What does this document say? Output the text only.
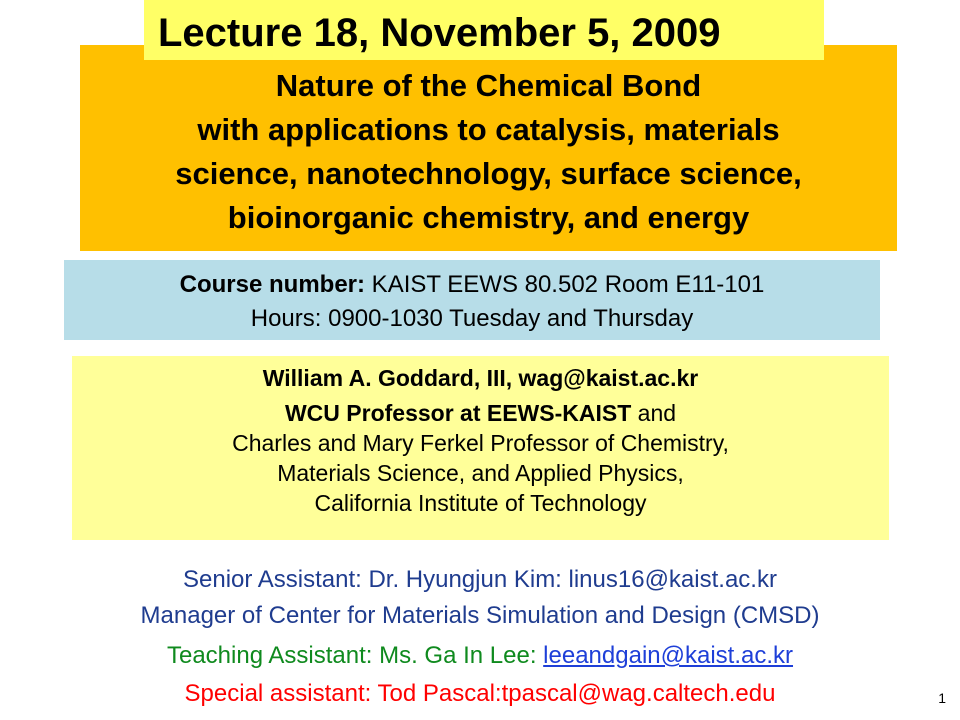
Nature of the Chemical Bond
with applications to catalysis, materials
science, nanotechnology, surface science,
bioinorganic chemistry, and energy
Lecture 18, November 5, 2009
Course number: KAIST EEWS 80.502 Room E11-101
Hours: 0900-1030 Tuesday and Thursday
William A. Goddard, III, wag@kaist.ac.kr
WCU Professor at EEWS-KAIST and
Charles and Mary Ferkel Professor of Chemistry,
Materials Science, and Applied Physics,
California Institute of Technology
Senior Assistant: Dr. Hyungjun Kim: linus16@kaist.ac.kr
Manager of Center for Materials Simulation and Design (CMSD)
Teaching Assistant: Ms. Ga In Lee: leeandgain@kaist.ac.kr
Special assistant: Tod Pascal:tpascal@wag.caltech.edu	1
